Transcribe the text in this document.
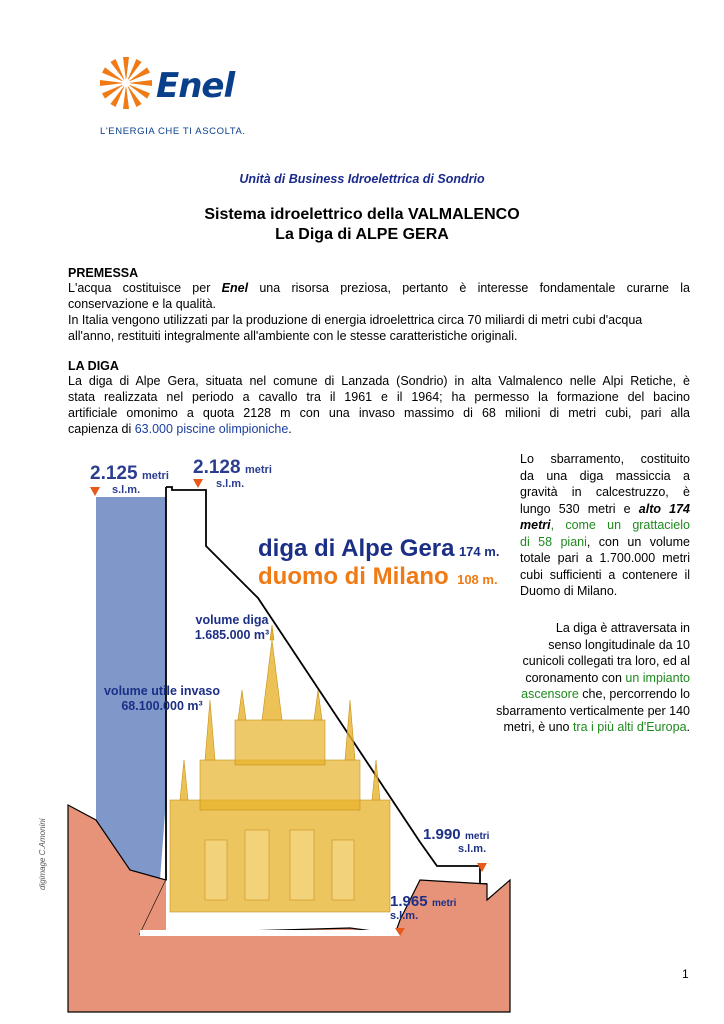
Enel
L'ENERGIA CHE TI ASCOLTA.
Unità di Business Idroelettrica di Sondrio
Sistema idroelettrico della VALMALENCO
La Diga di ALPE GERA
PREMESSA
L'acqua costituisce per Enel una risorsa preziosa, pertanto è interesse fondamentale curarne la
conservazione e la qualità.
In Italia vengono utilizzati par la produzione di energia idroelettrica circa 70 miliardi di metri cubi d'acqua
all'anno, restituiti integralmente all'ambiente con le stesse caratteristiche originali.
LA DIGA
La diga di Alpe Gera, situata nel comune di Lanzada (Sondrio) in alta Valmalenco nelle Alpi Retiche, è
stata realizzata nel periodo a cavallo tra il 1961 e il 1964; ha permesso la formazione del bacino
artificiale omonimo a quota 2128 m con una invaso massimo di 68 milioni di metri cubi, pari alla
capienza di 63.000 piscine olimpioniche.
Lo sbarramento, costituito
da una diga massiccia a
gravità in calcestruzzo, è
lungo 530 metri e alto 174
metri, come un grattacielo
di 58 piani, con un volume
totale pari a 1.700.000 metri
cubi sufficienti a contenere il
Duomo di Milano.
La diga è attraversata in
senso longitudinale da 10
cunicoli collegati tra loro, ed al
coronamento con un impianto
ascensore che, percorrendo lo
sbarramento verticalmente per 140
metri, è uno tra i più alti d'Europa.
2.125 metri
s.l.m.
2.128 metri
s.l.m.
diga di Alpe Gera 174 m.
duomo di Milano 108 m.
volume diga
1.685.000 m³
volume utile invaso
68.100.000 m³
1.990 metri
s.l.m.
1.965 metri
s.l.m.
digimage C.Amonini
1
